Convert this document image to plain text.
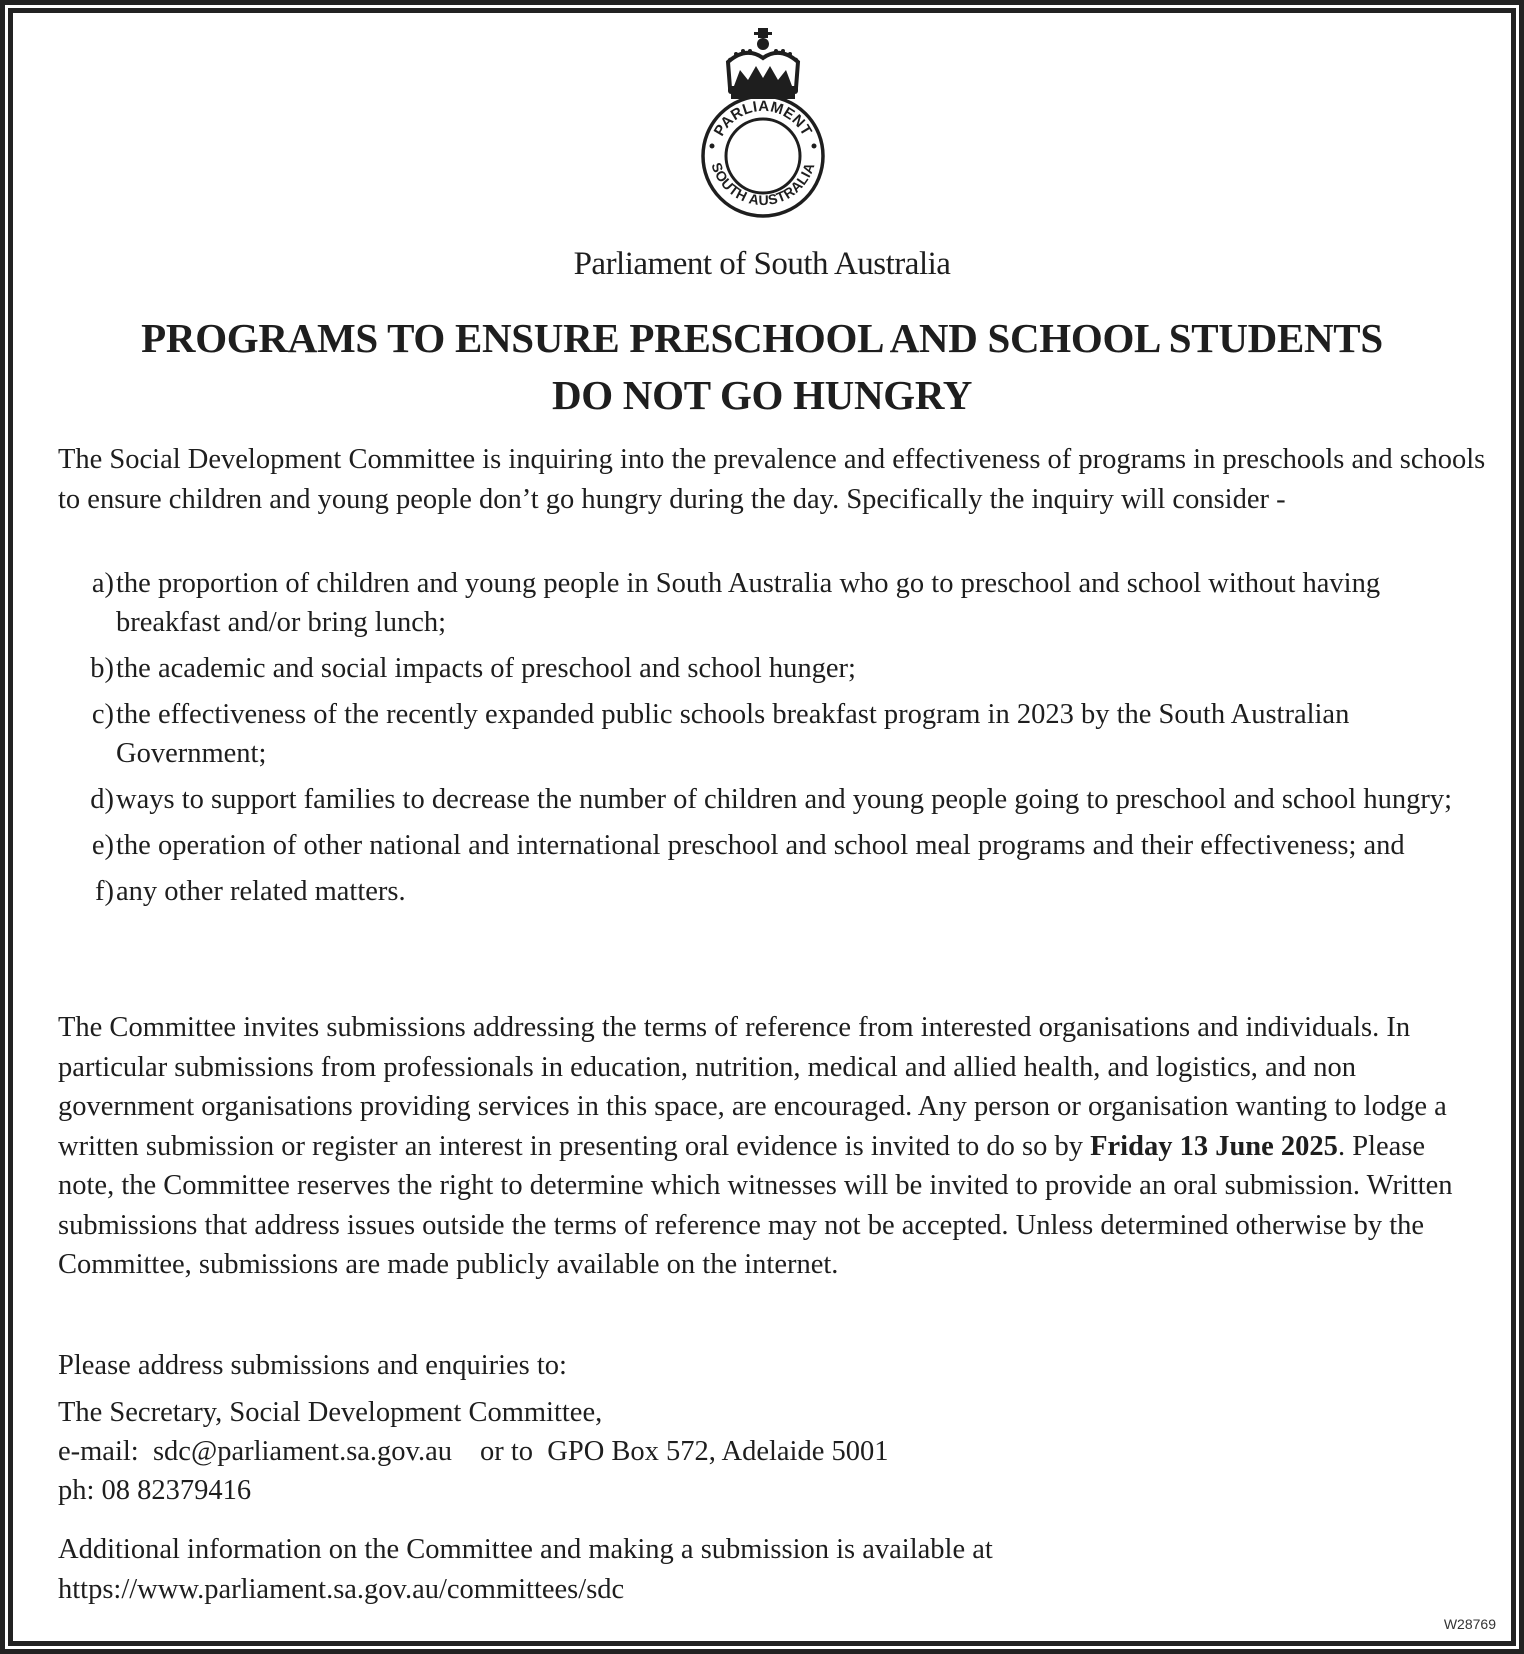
PARLIAMENT
SOUTH AUSTRALIA
Parliament of South Australia
PROGRAMS TO ENSURE PRESCHOOL AND SCHOOL STUDENTS
DO NOT GO HUNGRY
The Social Development Committee is inquiring into the prevalence and effectiveness of programs in preschools and schools to ensure children and young people don’t go hungry during the day. Specifically the inquiry will consider -
a) the proportion of children and young people in South Australia who go to preschool and school without having breakfast and/or bring lunch;
b) the academic and social impacts of preschool and school hunger;
c) the effectiveness of the recently expanded public schools breakfast program in 2023 by the South Australian Government;
d) ways to support families to decrease the number of children and young people going to preschool and school hungry;
e) the operation of other national and international preschool and school meal programs and their effectiveness; and
f) any other related matters.
The Committee invites submissions addressing the terms of reference from interested organisations and individuals. In particular submissions from professionals in education, nutrition, medical and allied health, and logistics, and non government organisations providing services in this space, are encouraged. Any person or organisation wanting to lodge a written submission or register an interest in presenting oral evidence is invited to do so by Friday 13 June 2025. Please note, the Committee reserves the right to determine which witnesses will be invited to provide an oral submission. Written submissions that address issues outside the terms of reference may not be accepted. Unless determined otherwise by the Committee, submissions are made publicly available on the internet.
Please address submissions and enquiries to:
The Secretary, Social Development Committee,
e-mail: sdc@parliament.sa.gov.au or to GPO Box 572, Adelaide 5001
ph: 08 82379416
Additional information on the Committee and making a submission is available at
https://www.parliament.sa.gov.au/committees/sdc
W28769
